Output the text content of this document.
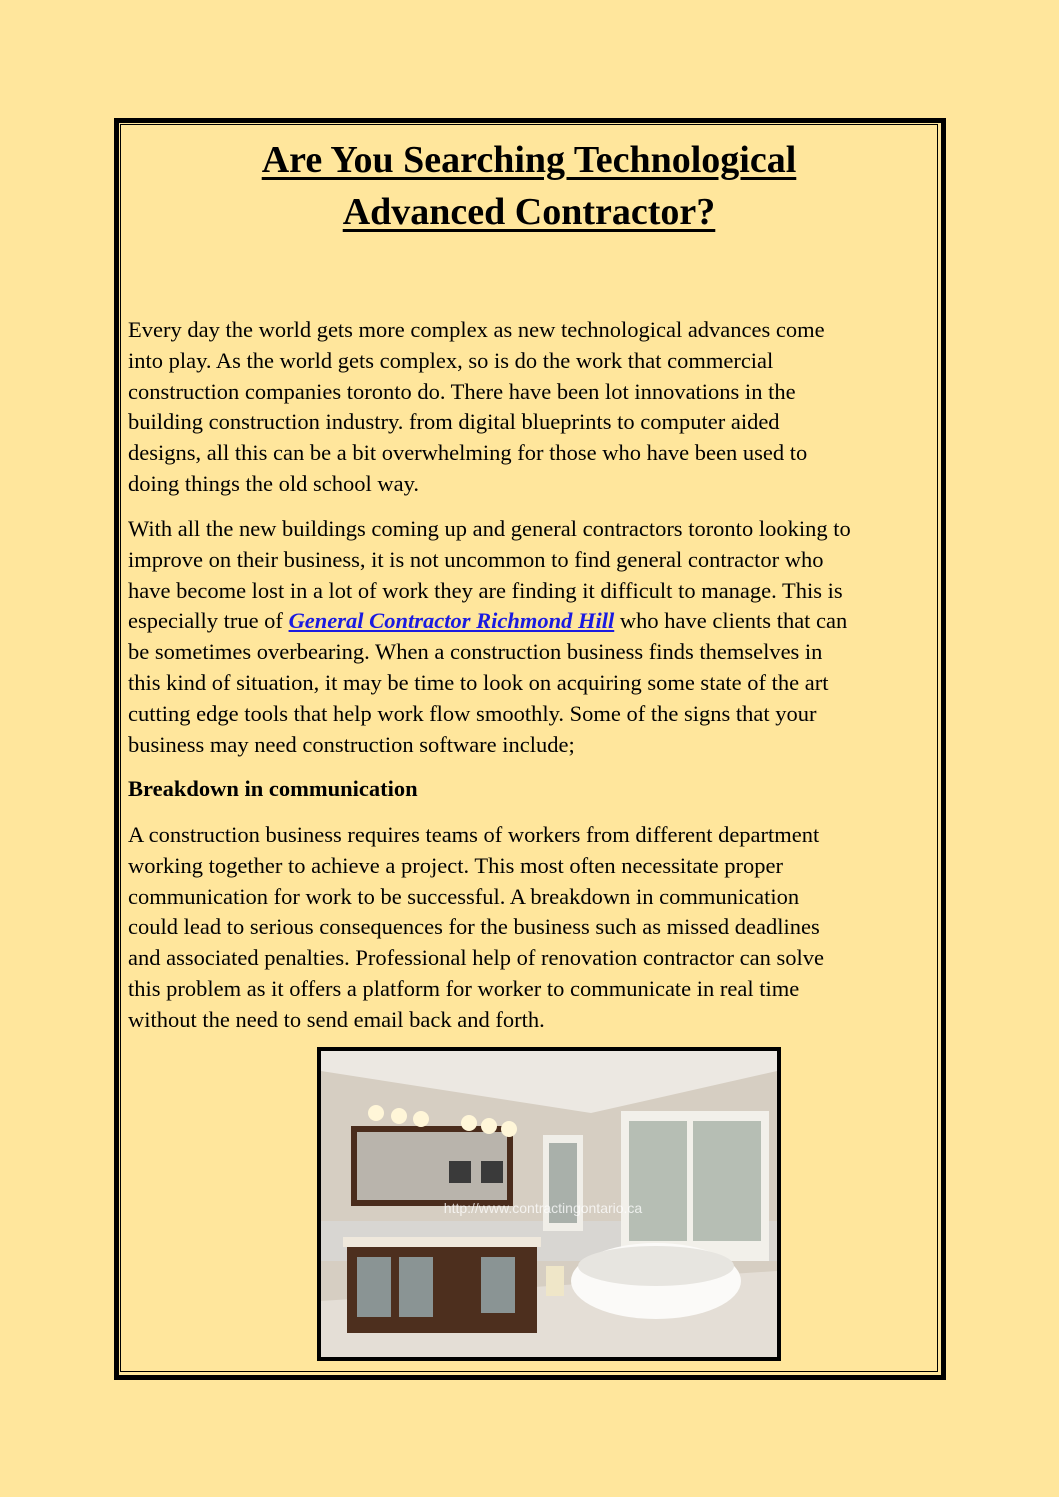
Are You Searching Technological
Advanced Contractor?
Every day the world gets more complex as new technological advances come
into play. As the world gets complex, so is do the work that commercial
construction companies toronto do. There have been lot innovations in the
building construction industry. from digital blueprints to computer aided
designs, all this can be a bit overwhelming for those who have been used to
doing things the old school way.
With all the new buildings coming up and general contractors toronto looking to
improve on their business, it is not uncommon to find general contractor who
have become lost in a lot of work they are finding it difficult to manage. This is
especially true of General Contractor Richmond Hill who have clients that can
be sometimes overbearing. When a construction business finds themselves in
this kind of situation, it may be time to look on acquiring some state of the art
cutting edge tools that help work flow smoothly. Some of the signs that your
business may need construction software include;
Breakdown in communication
A construction business requires teams of workers from different department
working together to achieve a project. This most often necessitate proper
communication for work to be successful. A breakdown in communication
could lead to serious consequences for the business such as missed deadlines
and associated penalties. Professional help of renovation contractor can solve
this problem as it offers a platform for worker to communicate in real time
without the need to send email back and forth.
http://www.contractingontario.ca
